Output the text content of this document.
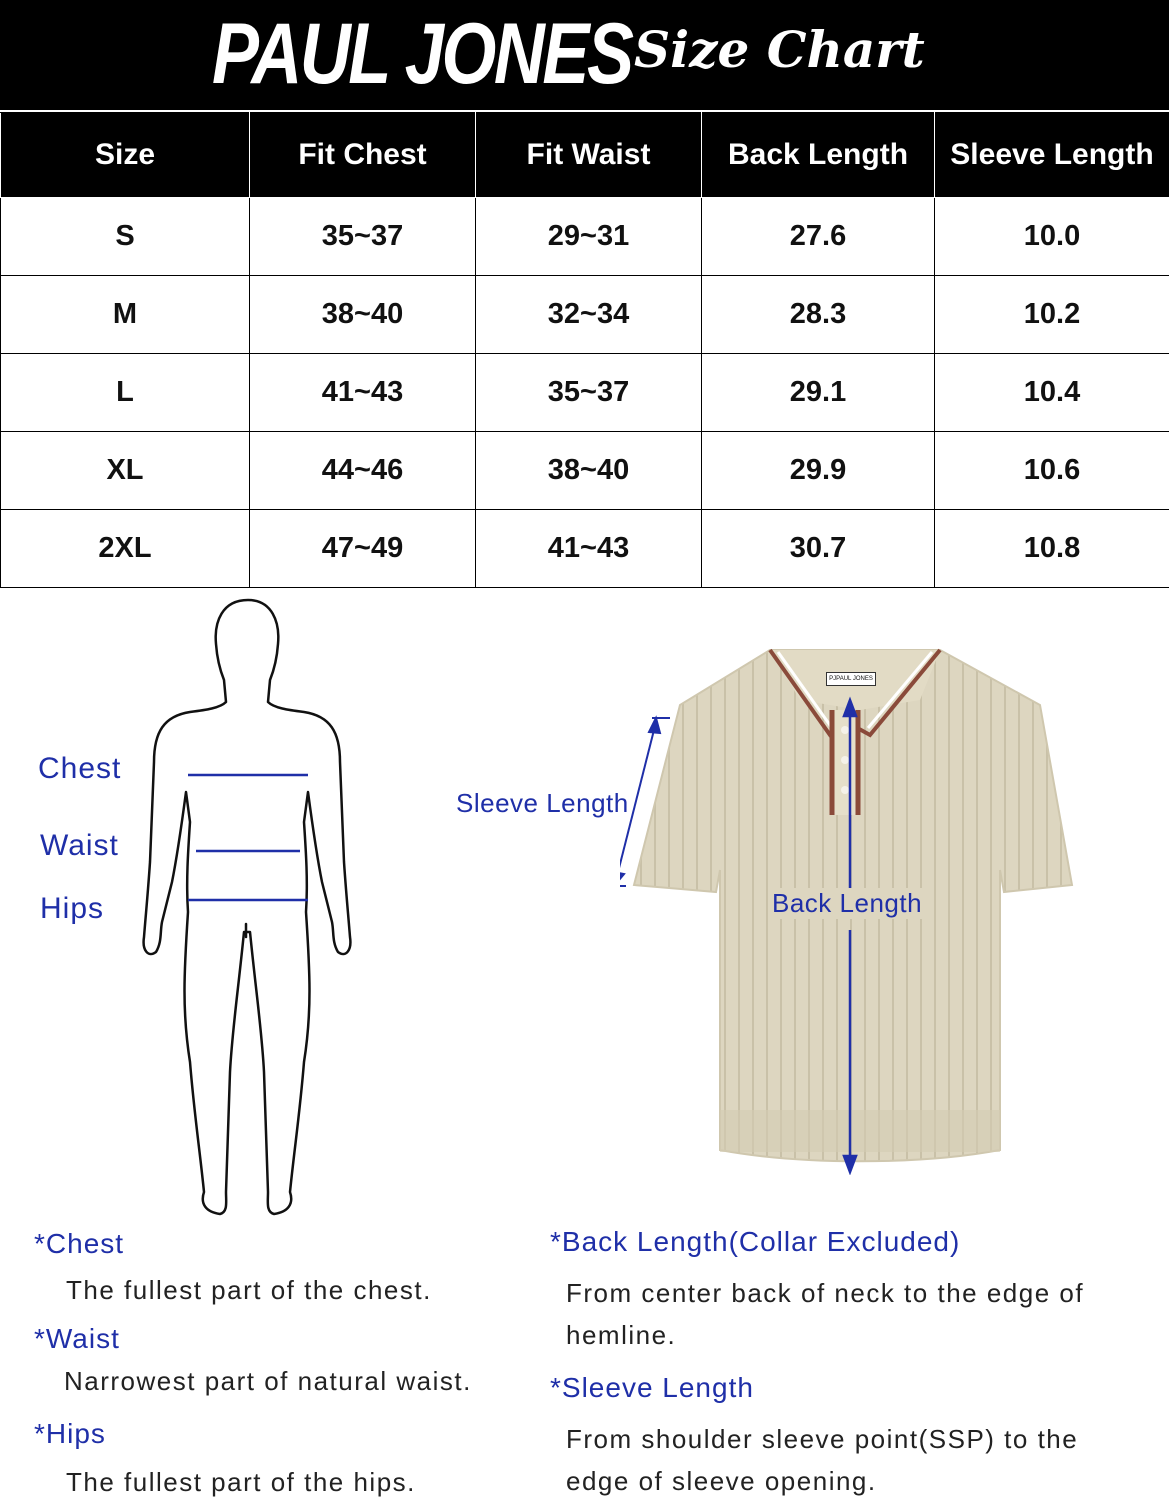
PAUL JONES Size Chart
Size	Fit Chest	Fit Waist	Back Length	Sleeve Length
S	35~37	29~31	27.6	10.0
M	38~40	32~34	28.3	10.2
L	41~43	35~37	29.1	10.4
XL	44~46	38~40	29.9	10.6
2XL	47~49	41~43	30.7	10.8
Chest
Waist
Hips
PJPAUL JONES
Sleeve Length
Back Length
*Chest
The fullest part of the chest.
*Waist
Narrowest part of natural waist.
*Hips
The fullest part of the hips.
*Back Length(Collar Excluded)
From center back of neck to the edge of hemline.
*Sleeve Length
From shoulder sleeve point(SSP) to the edge of sleeve opening.
